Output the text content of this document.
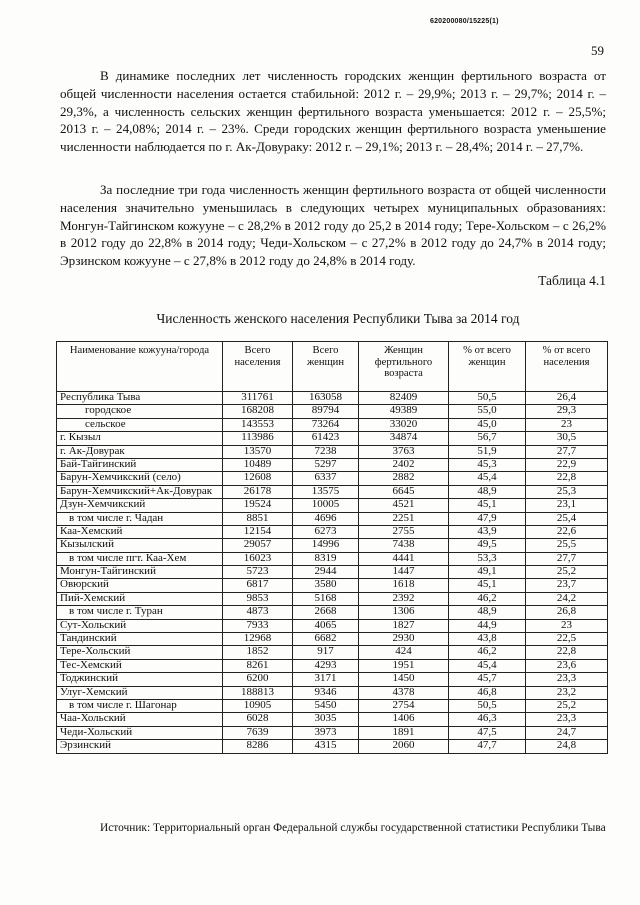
620200080/15225(1)
59

В динамике последних лет численность городских женщин фертильного возраста от общей численности населения остается стабильной: 2012 г. – 29,9%; 2013 г. – 29,7%; 2014 г. – 29,3%, а численность сельских женщин фертильного возраста уменьшается: 2012 г. – 25,5%; 2013 г. – 24,08%; 2014 г. – 23%. Среди городских женщин фертильного возраста уменьшение численности наблюдается по г. Ак-Довураку: 2012 г. – 29,1%; 2013 г. – 28,4%; 2014 г. – 27,7%.

За последние три года численность женщин фертильного возраста от общей численности населения значительно уменьшилась в следующих четырех муниципальных образованиях: Монгун-Тайгинском кожууне – с 28,2% в 2012 году до 25,2 в 2014 году; Тере-Хольском – с 26,2% в 2012 году до 22,8% в 2014 году; Чеди-Хольском – с 27,2% в 2012 году до 24,7% в 2014 году; Эрзинском кожууне – с 27,8% в 2012 году до 24,8% в 2014 году.

Таблица 4.1
Численность женского населения Республики Тыва за 2014 год
Наименование кожууна/города	Всего населения	Всего женщин	Женщин фертильного возраста	% от всего женщин	% от всего населения
Республика Тыва	311761	163058	82409	50,5	26,4
городское	168208	89794	49389	55,0	29,3
сельское	143553	73264	33020	45,0	23
г. Кызыл	113986	61423	34874	56,7	30,5
г. Ак-Довурак	13570	7238	3763	51,9	27,7
Бай-Тайгинский	10489	5297	2402	45,3	22,9
Барун-Хемчикский (село)	12608	6337	2882	45,4	22,8
Барун-Хемчикский+Ак-Довурак	26178	13575	6645	48,9	25,3
Дзун-Хемчикский	19524	10005	4521	45,1	23,1
в том числе г. Чадан	8851	4696	2251	47,9	25,4
Каа-Хемский	12154	6273	2755	43,9	22,6
Кызылский	29057	14996	7438	49,5	25,5
в том числе пгт. Каа-Хем	16023	8319	4441	53,3	27,7
Монгун-Тайгинский	5723	2944	1447	49,1	25,2
Овюрский	6817	3580	1618	45,1	23,7
Пий-Хемский	9853	5168	2392	46,2	24,2
в том числе г. Туран	4873	2668	1306	48,9	26,8
Сут-Хольский	7933	4065	1827	44,9	23
Тандинский	12968	6682	2930	43,8	22,5
Тере-Хольский	1852	917	424	46,2	22,8
Тес-Хемский	8261	4293	1951	45,4	23,6
Тоджинский	6200	3171	1450	45,7	23,3
Улуг-Хемский	188813	9346	4378	46,8	23,2
в том числе г. Шагонар	10905	5450	2754	50,5	25,2
Чаа-Хольский	6028	3035	1406	46,3	23,3
Чеди-Хольский	7639	3973	1891	47,5	24,7
Эрзинский	8286	4315	2060	47,7	24,8

Источник: Территориальный орган Федеральной службы государственной статистики Республики Тыва
